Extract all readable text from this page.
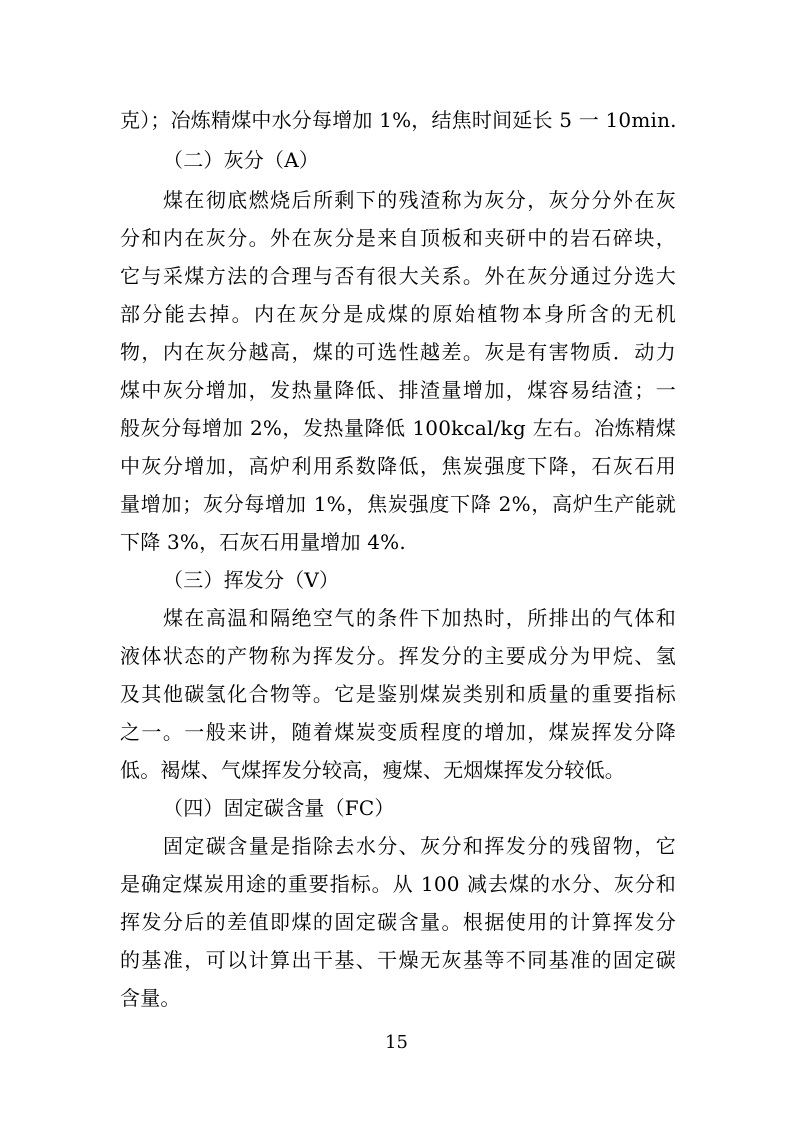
克）；冶炼精煤中水分每增加 1%，结焦时间延长 5 一 10min.
（二）灰分（A）
煤在彻底燃烧后所剩下的残渣称为灰分，灰分分外在灰
分和内在灰分。外在灰分是来自顶板和夹研中的岩石碎块，
它与采煤方法的合理与否有很大关系。外在灰分通过分选大
部分能去掉。内在灰分是成煤的原始植物本身所含的无机
物，内在灰分越高，煤的可选性越差。灰是有害物质．动力
煤中灰分增加，发热量降低、排渣量增加，煤容易结渣；一
般灰分每增加 2%，发热量降低 100kcal/kg 左右。冶炼精煤
中灰分增加，高炉利用系数降低，焦炭强度下降，石灰石用
量增加；灰分每增加 1%，焦炭强度下降 2%，高炉生产能就
下降 3%，石灰石用量增加 4%.
（三）挥发分（V）
煤在高温和隔绝空气的条件下加热时，所排出的气体和
液体状态的产物称为挥发分。挥发分的主要成分为甲烷、氢
及其他碳氢化合物等。它是鉴别煤炭类别和质量的重要指标
之一。一般来讲，随着煤炭变质程度的增加，煤炭挥发分降
低。褐煤、气煤挥发分较高，瘦煤、无烟煤挥发分较低。
（四）固定碳含量（FC）
固定碳含量是指除去水分、灰分和挥发分的残留物，它
是确定煤炭用途的重要指标。从 100 减去煤的水分、灰分和
挥发分后的差值即煤的固定碳含量。根据使用的计算挥发分
的基准，可以计算出干基、干燥无灰基等不同基准的固定碳
含量。
15
